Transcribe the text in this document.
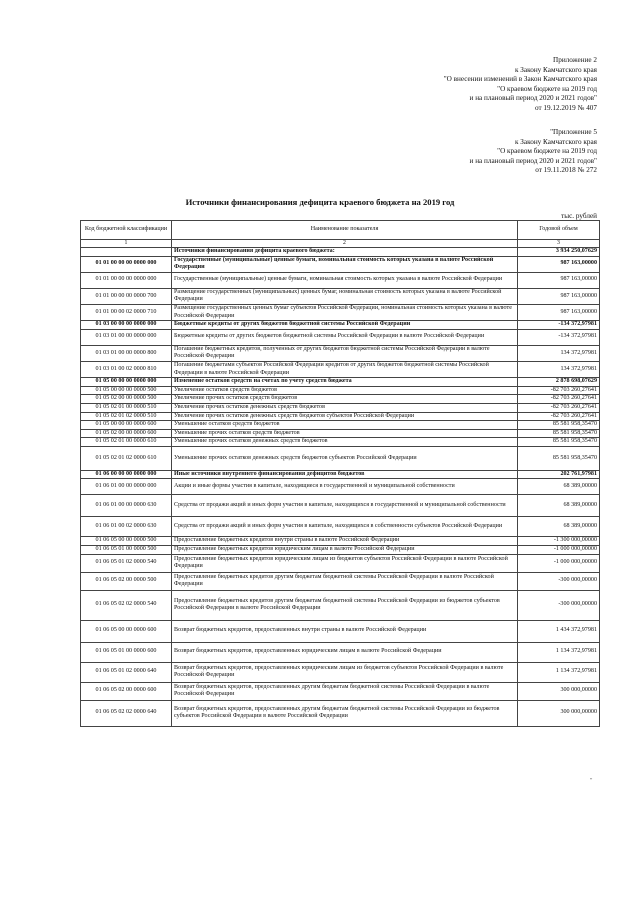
Приложение 2
к Закону Камчатского края
"О внесении изменений в Закон Камчатского края
"О краевом бюджете на 2019 год
и на плановый период 2020 и 2021 годов"
от 19.12.2019 № 407
"Приложение 5
к Закону Камчатского края
"О краевом бюджете на 2019 год
и на плановый период 2020 и 2021 годов"
от 19.11.2018 № 272
Источники финансирования дефицита краевого бюджета на 2019 год
тыс. рублей
Код бюджетной классификации	Наименование показателя	Годовой объем
1	2	3
	Источники финансирования дефицита краевого бюджета:	3 934 250,07629
01 01 00 00 00 0000 000	Государственные (муниципальные) ценные бумаги, номинальная стоимость которых указана в валюте Российской Федерации	987 163,00000
01 01 00 00 00 0000 000	Государственные (муниципальные) ценные бумаги, номинальная стоимость которых указана в валюте Российской Федерации	987 163,00000
01 01 00 00 00 0000 700	Размещение государственных (муниципальных) ценных бумаг, номинальная стоимость которых указана в валюте Российской Федерации	987 163,00000
01 01 00 00 02 0000 710	Размещение государственных ценных бумаг субъектов Российской Федерации, номинальная стоимость которых указана в валюте Российской Федерации	987 163,00000
01 03 00 00 00 0000 000	Бюджетные кредиты от других бюджетов бюджетной системы Российской Федерации	-134 372,97981
01 03 01 00 00 0000 000	Бюджетные кредиты от других бюджетов бюджетной системы Российской Федерации в валюте Российской Федерации	-134 372,97981
01 03 01 00 00 0000 800	Погашение бюджетных кредитов, полученных от других бюджетов бюджетной системы Российской Федерации в валюте Российской Федерации	134 372,97981
01 03 01 00 02 0000 810	Погашение бюджетами субъектов Российской Федерации кредитов от других бюджетов бюджетной системы Российской Федерации в валюте Российской Федерации	134 372,97981
01 05 00 00 00 0000 000	Изменение остатков средств на счетах по учету средств бюджета	2 878 698,07629
01 05 00 00 00 0000 500	Увеличение остатков средств бюджетов	-82 703 260,27641
01 05 02 00 00 0000 500	Увеличение прочих остатков средств бюджетов	-82 703 260,27641
01 05 02 01 00 0000 510	Увеличение прочих остатков денежных средств бюджетов	-82 703 260,27641
01 05 02 01 02 0000 510	Увеличение прочих остатков денежных средств бюджетов субъектов Российской Федерации	-82 703 260,27641
01 05 00 00 00 0000 600	Уменьшение остатков средств бюджетов	85 581 958,35470
01 05 02 00 00 0000 600	Уменьшение прочих остатков средств бюджетов	85 581 958,35470
01 05 02 01 00 0000 610	Уменьшение прочих остатков денежных средств бюджетов	85 581 958,35470
01 05 02 01 02 0000 610	Уменьшение прочих остатков денежных средств бюджетов субъектов Российской Федерации	85 581 958,35470
01 06 00 00 00 0000 000	Иные источники внутреннего финансирования дефицитов бюджетов	202 761,97981
01 06 01 00 00 0000 000	Акции и иные формы участия в капитале, находящиеся в государственной и муниципальной собственности	68 389,00000
01 06 01 00 00 0000 630	Средства от продажи акций и иных форм участия в капитале, находящихся в государственной и муниципальной собственности	68 389,00000
01 06 01 00 02 0000 630	Средства от продажи акций и иных форм участия в капитале, находящихся в собственности субъектов Российской Федерации	68 389,00000
01 06 05 00 00 0000 500	Предоставление бюджетных кредитов внутри страны в валюте Российской Федерации	-1 300 000,00000
01 06 05 01 00 0000 500	Предоставление бюджетных кредитов юридическим лицам в валюте Российской Федерации	-1 000 000,00000
01 06 05 01 02 0000 540	Предоставление бюджетных кредитов юридическим лицам из бюджетов субъектов Российской Федерации в валюте Российской Федерации	-1 000 000,00000
01 06 05 02 00 0000 500	Предоставление бюджетных кредитов другим бюджетам бюджетной системы Российской Федерации в валюте Российской Федерации	-300 000,00000
01 06 05 02 02 0000 540	Предоставление бюджетных кредитов другим бюджетам бюджетной системы Российской Федерации из бюджетов субъектов Российской Федерации в валюте Российской Федерации	-300 000,00000
01 06 05 00 00 0000 600	Возврат бюджетных кредитов, предоставленных внутри страны в валюте Российской Федерации	1 434 372,97981
01 06 05 01 00 0000 600	Возврат бюджетных кредитов, предоставленных юридическим лицам в валюте Российской Федерации	1 134 372,97981
01 06 05 01 02 0000 640	Возврат бюджетных кредитов, предоставленных юридическим лицам из бюджетов субъектов Российской Федерации в валюте Российской Федерации	1 134 372,97981
01 06 05 02 00 0000 600	Возврат бюджетных кредитов, предоставленных другим бюджетам бюджетной системы Российской Федерации в валюте Российской Федерации	300 000,00000
01 06 05 02 02 0000 640	Возврат бюджетных кредитов, предоставленных другим бюджетам бюджетной системы Российской Федерации из бюджетов субъектов Российской Федерации в валюте Российской Федерации	300 000,00000
"
